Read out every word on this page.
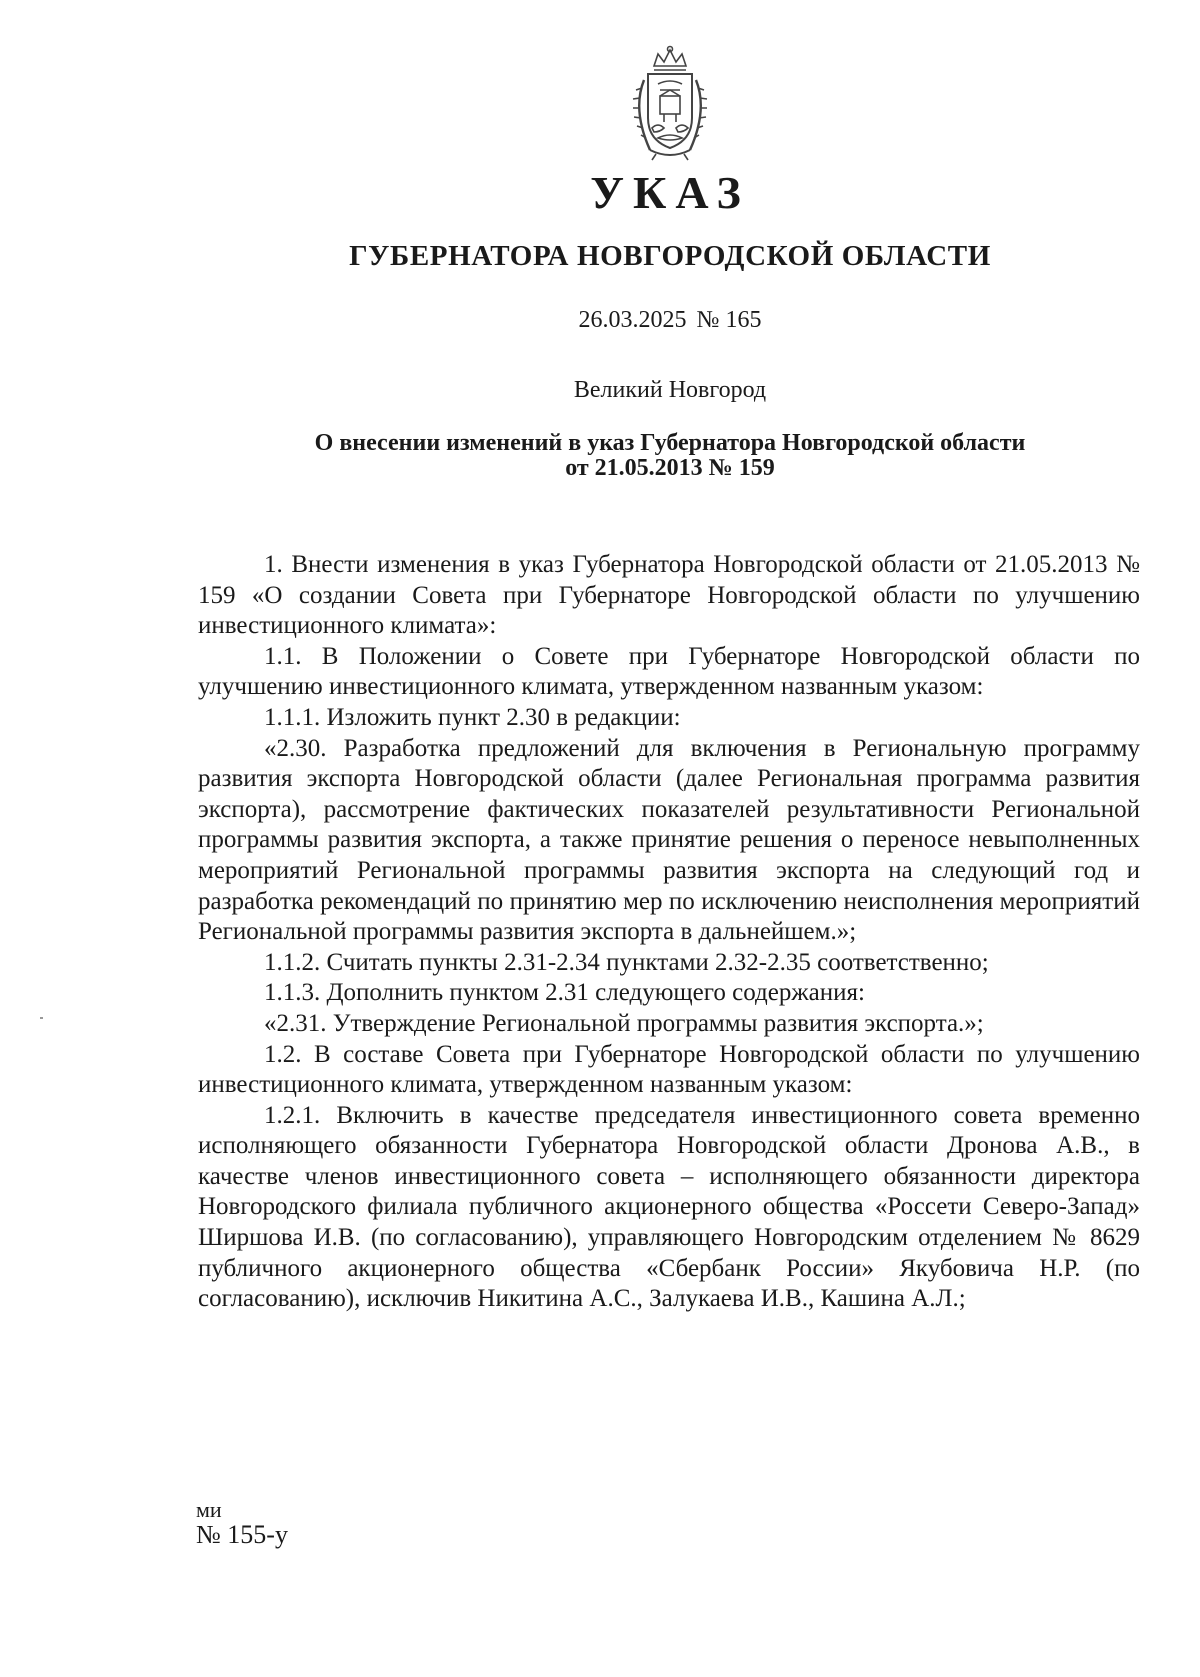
УКАЗ
ГУБЕРНАТОРА НОВГОРОДСКОЙ ОБЛАСТИ
26.03.2025 № 165
Великий Новгород
О внесении изменений в указ Губернатора Новгородской области
от 21.05.2013 № 159

1. Внести изменения в указ Губернатора Новгородской области от 21.05.2013 № 159 «О создании Совета при Губернаторе Новгородской области по улучшению инвестиционного климата»:

1.1. В Положении о Совете при Губернаторе Новгородской области по улучшению инвестиционного климата, утвержденном названным указом:

1.1.1. Изложить пункт 2.30 в редакции:

«2.30. Разработка предложений для включения в Региональную программу развития экспорта Новгородской области (далее Региональная программа развития экспорта), рассмотрение фактических показателей результативности Региональной программы развития экспорта, а также принятие решения о переносе невыполненных мероприятий Региональной программы развития экспорта на следующий год и разработка рекомендаций по принятию мер по исключению неисполнения мероприятий Региональной программы развития экспорта в дальнейшем.»;

1.1.2. Считать пункты 2.31-2.34 пунктами 2.32-2.35 соответственно;

1.1.3. Дополнить пунктом 2.31 следующего содержания:

«2.31. Утверждение Региональной программы развития экспорта.»;

1.2. В составе Совета при Губернаторе Новгородской области по улучшению инвестиционного климата, утвержденном названным указом:

1.2.1. Включить в качестве председателя инвестиционного совета временно исполняющего обязанности Губернатора Новгородской области Дронова А.В., в качестве членов инвестиционного совета – исполняющего обязанности директора Новгородского филиала публичного акционерного общества «Россети Северо-Запад» Ширшова И.В. (по согласованию), управляющего Новгородским отделением № 8629 публичного акционерного общества «Сбербанк России» Якубовича Н.Р. (по согласованию), исключив Никитина А.С., Залукаева И.В., Кашина А.Л.;

ми
№ 155-у
